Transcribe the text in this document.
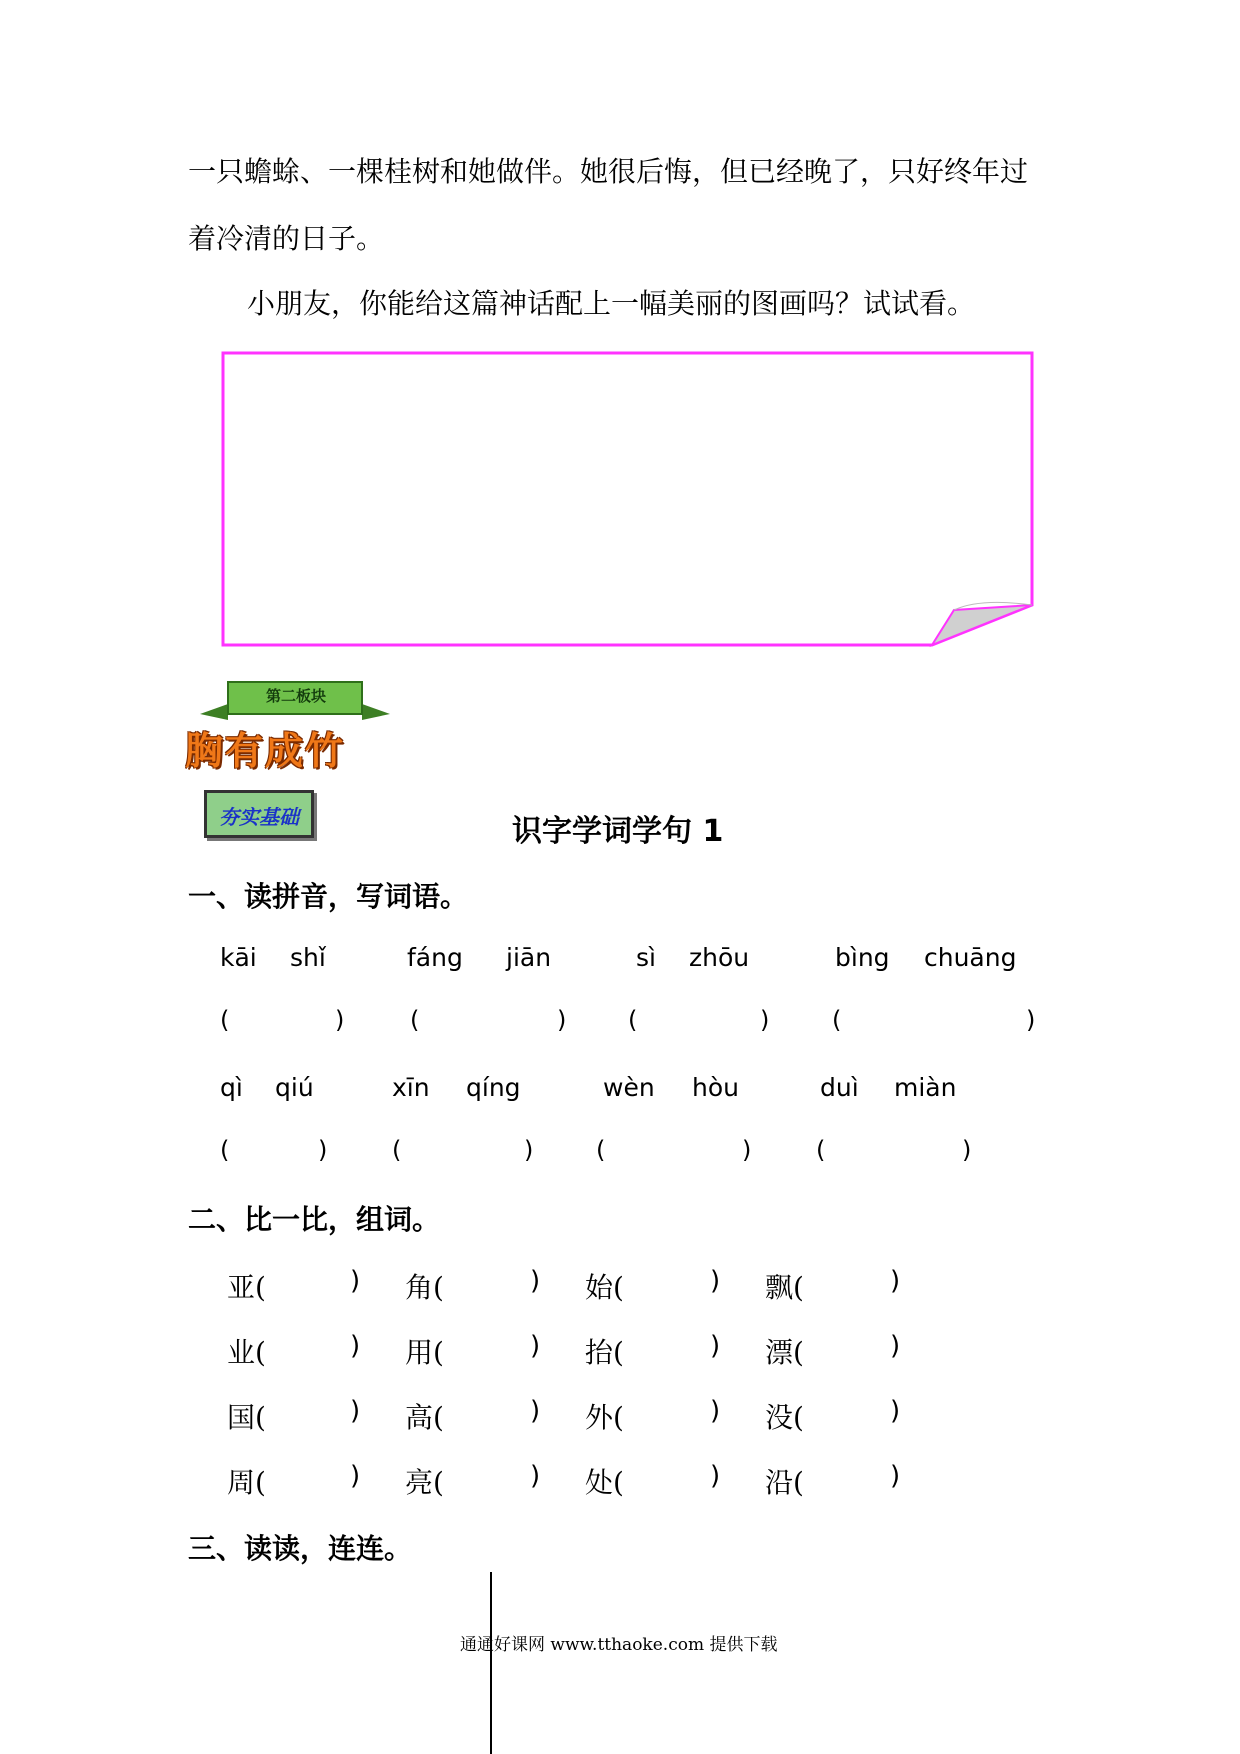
一只蟾蜍、一棵桂树和她做伴。她很后悔，但已经晚了，只好终年过
着冷清的日子。
小朋友，你能给这篇神话配上一幅美丽的图画吗？试试看。
第二板块
胸有成竹
夯实基础	识字学词学句 1
一、读拼音，写词语。
kāi shǐ	fáng jiān	sì zhōu	bìng chuāng
(	)	(	)	(	)	(	)
qì qiú	xīn qíng	wèn hòu	duì miàn
(	)	(	)	(	)	(	)
二、比一比，组词。
亚(	) 角(	) 始(	) 飘(	)
业(	) 用(	) 抬(	) 漂(	)
国(	) 高(	) 外(	) 没(	)
周(	) 亮(	) 处(	) 沿(	)
三、读读，连连。
通通好课网 www.tthaoke.com 提供下载
